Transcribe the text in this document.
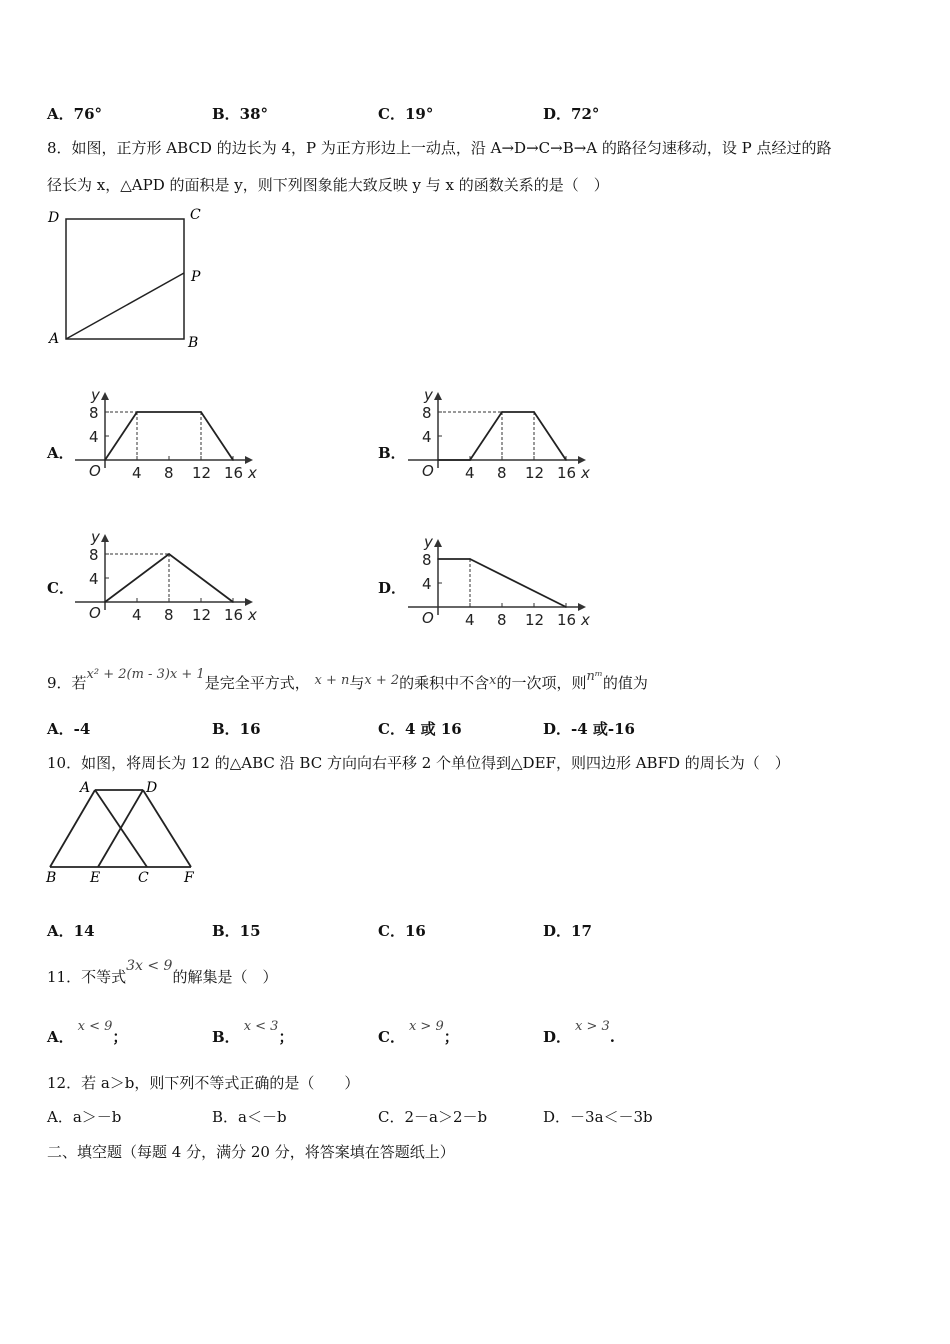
A．76°	B．38°	C．19°	D．72°
8．如图，正方形 ABCD 的边长为 4，P 为正方形边上一动点，沿 A→D→C→B→A 的路径匀速移动，设 P 点经过的路
径长为 x，△APD 的面积是 y，则下列图象能大致反映 y 与 x 的函数关系的是（　）
D	C
P
A	B
A．	B．
C．	D．
y
x
O
4
8
4 8 12 16
y
x
O
4
8
4 8 12 16
y
x
O
4
8
4 8 12 16
y
x
O
4
8
4 8 12 16
9．若x² + 2(m - 3)x + 1是完全平方式， x + n与x + 2的乘积中不含x的一次项，则nᵐ的值为
A．-4	B．16	C．4 或 16	D．-4 或-16
10．如图，将周长为 12 的△ABC 沿 BC 方向向右平移 2 个单位得到△DEF，则四边形 ABFD 的周长为（　）
A	D
B E	C	F
A．14	B．15	C．16	D．17
11．不等式3x < 9的解集是（　）
A．x < 9；	B．x < 3；	C．x > 9；	D．x > 3.
12．若 a＞b，则下列不等式正确的是（　　）
A．a＞－b	B．a＜－b	C．2－a＞2－b	D．－3a＜－3b
二、填空题（每题 4 分，满分 20 分，将答案填在答题纸上）
